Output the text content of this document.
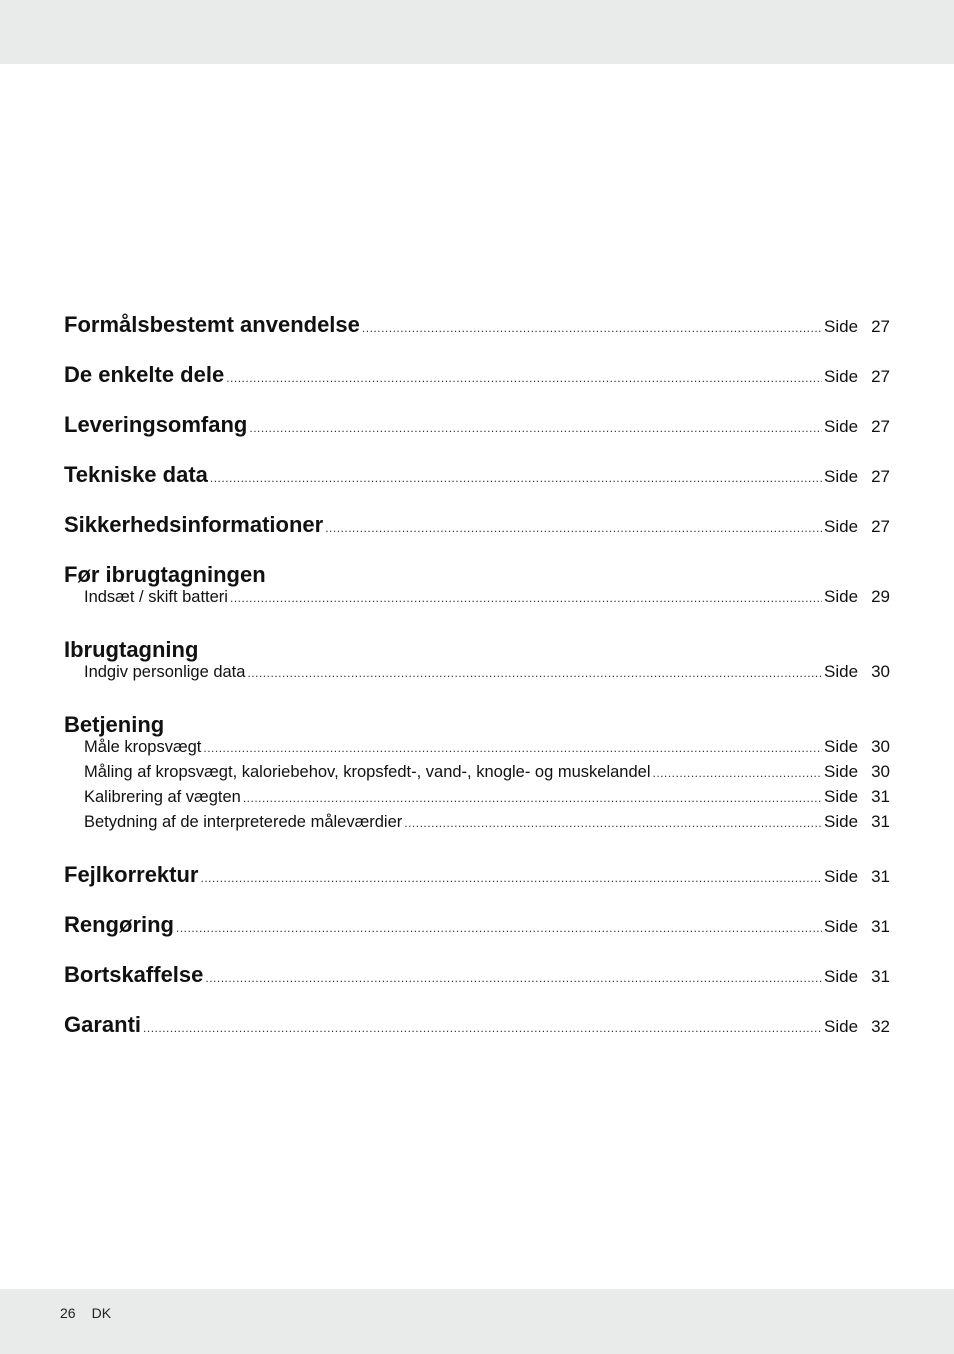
Formålsbestemt anvendelse .....	Side 27
De enkelte dele .....	Side 27
Leveringsomfang .....	Side 27
Tekniske data .....	Side 27
Sikkerhedsinformationer .....	Side 27
Før ibrugtagningen
Indsæt / skift batteri .....	Side 29
Ibrugtagning
Indgiv personlige data .....	Side 30
Betjening
Måle kropsvægt .....	Side 30
Måling af kropsvægt, kaloriebehov, kropsfedt-, vand-, knogle- og muskelandel .....	Side 30
Kalibrering af vægten .....	Side 31
Betydning af de interpreterede måleværdier .....	Side 31
Fejlkorrektur .....	Side 31
Rengøring .....	Side 31
Bortskaffelse .....	Side 31
Garanti .....	Side 32
26 DK
